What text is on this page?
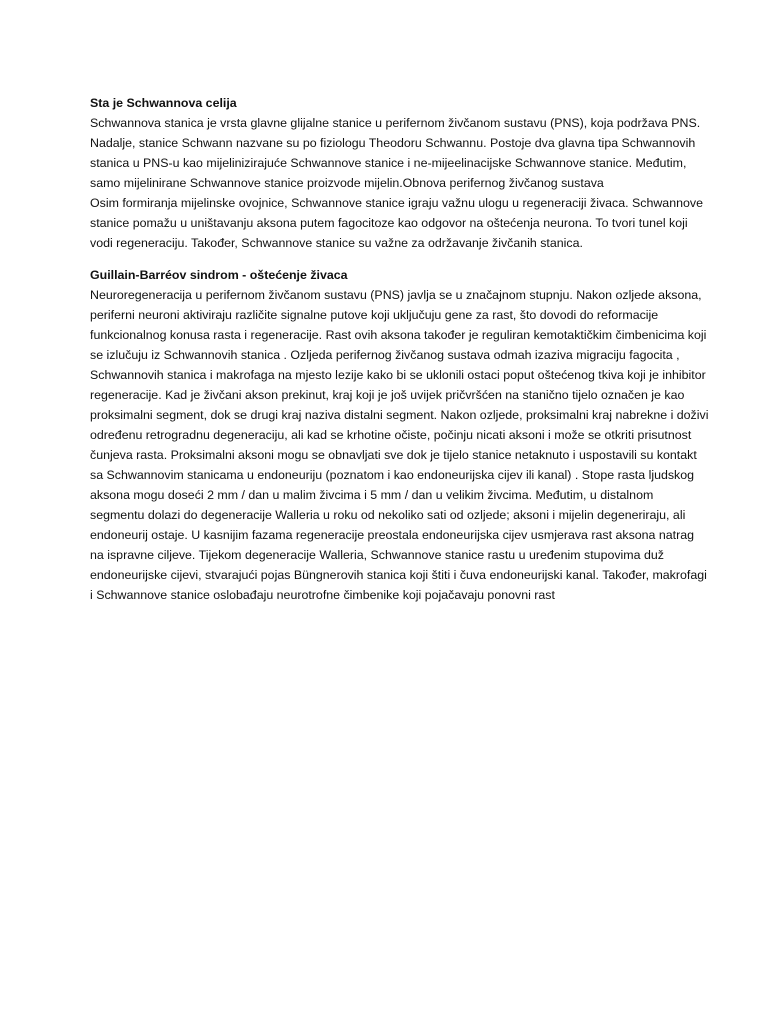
Sta je Schwannova celija

Schwannova stanica je vrsta glavne glijalne stanice u perifernom živčanom sustavu (PNS), koja podržava PNS. Nadalje, stanice Schwann nazvane su po fiziologu Theodoru Schwannu. Postoje dva glavna tipa Schwannovih stanica u PNS-u kao mijelinizirajuće Schwannove stanice i ne-mijeelinacijske Schwannove stanice. Međutim, samo mijelinirane Schwannove stanice proizvode mijelin.Obnova perifernog živčanog sustava

Osim formiranja mijelinske ovojnice, Schwannove stanice igraju važnu ulogu u regeneraciji živaca. Schwannove stanice pomažu u uništavanju aksona putem fagocitoze kao odgovor na oštećenja neurona. To tvori tunel koji vodi regeneraciju. Također, Schwannove stanice su važne za održavanje živčanih stanica.

Guillain-Barréov sindrom - oštećenje živaca

Neuroregeneracija u perifernom živčanom sustavu (PNS) javlja se u značajnom stupnju. Nakon ozljede aksona, periferni neuroni aktiviraju različite signalne putove koji uključuju gene za rast, što dovodi do reformacije funkcionalnog konusa rasta i regeneracije. Rast ovih aksona također je reguliran kemotaktičkim čimbenicima koji se izlučuju iz Schwannovih stanica . Ozljeda perifernog živčanog sustava odmah izaziva migraciju fagocita , Schwannovih stanica i makrofaga na mjesto lezije kako bi se uklonili ostaci poput oštećenog tkiva koji je inhibitor regeneracije. Kad je živčani akson prekinut, kraj koji je još uvijek pričvršćen na stanično tijelo označen je kao proksimalni segment, dok se drugi kraj naziva distalni segment. Nakon ozljede, proksimalni kraj nabrekne i doživi određenu retrogradnu degeneraciju, ali kad se krhotine očiste, počinju nicati aksoni i može se otkriti prisutnost čunjeva rasta. Proksimalni aksoni mogu se obnavljati sve dok je tijelo stanice netaknuto i uspostavili su kontakt sa Schwannovim stanicama u endoneuriju (poznatom i kao endoneurijska cijev ili kanal) . Stope rasta ljudskog aksona mogu doseći 2 mm / dan u malim živcima i 5 mm / dan u velikim živcima. Međutim, u distalnom segmentu dolazi do degeneracije Walleria u roku od nekoliko sati od ozljede; aksoni i mijelin degeneriraju, ali endoneurij ostaje. U kasnijim fazama regeneracije preostala endoneurijska cijev usmjerava rast aksona natrag na ispravne ciljeve. Tijekom degeneracije Walleria, Schwannove stanice rastu u uređenim stupovima duž endoneurijske cijevi, stvarajući pojas Büngnerovih stanica koji štiti i čuva endoneurijski kanal. Također, makrofagi i Schwannove stanice oslobađaju neurotrofne čimbenike koji pojačavaju ponovni rast
